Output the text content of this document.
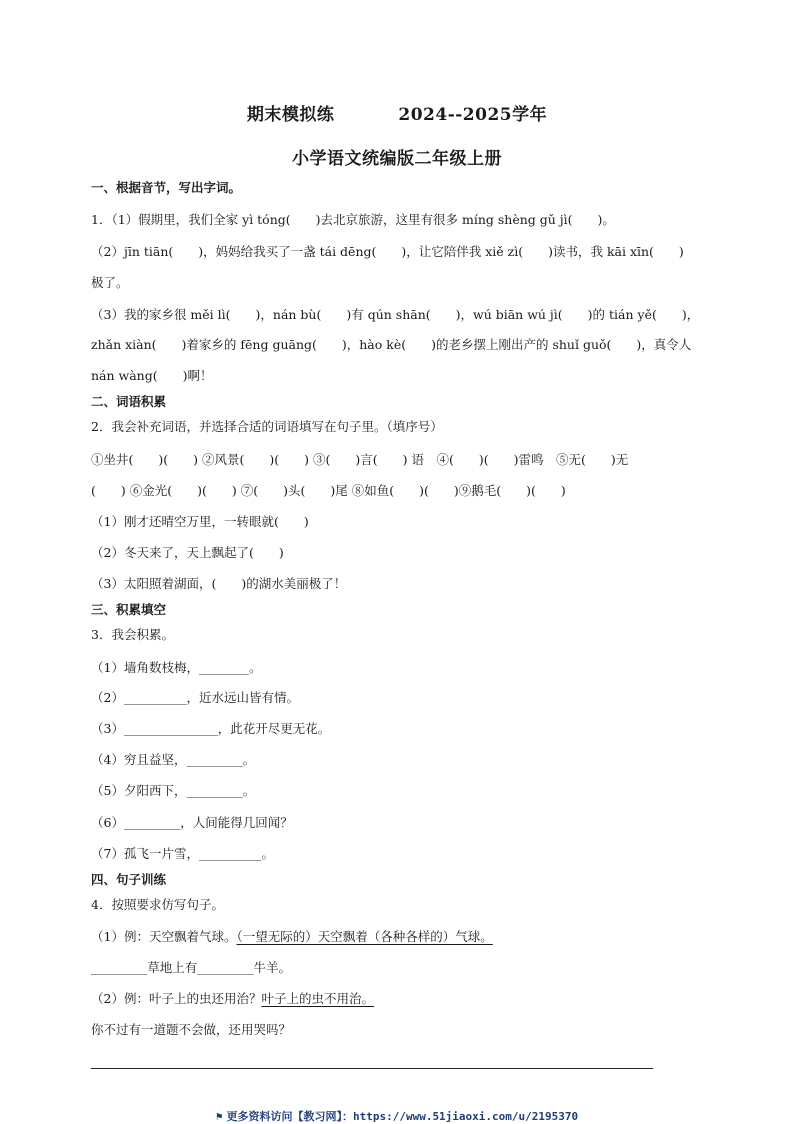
期末模拟练	2024--2025学年
小学语文统编版二年级上册
一、根据音节，写出字词。
1．（1）假期里，我们全家 yì tóng(　　)去北京旅游，这里有很多 míng shèng gǔ jì(　　)。
（2）jīn tiān(　　)，妈妈给我买了一盏 tái dēng(　　)，让它陪伴我 xiě zì(　　)读书，我 kāi xīn(　　)
极了。
（3）我的家乡很 měi lì(　　)，nán bù(　　)有 qún shān(　　)，wú biān wú jì(　　)的 tián yě(　　)，
zhǎn xiàn(　　)着家乡的 fēng guāng(　　)，hào kè(　　)的老乡摆上刚出产的 shuǐ guǒ(　　)，真令人
nán wàng(　　)啊！
二、词语积累
2．我会补充词语，并选择合适的词语填写在句子里。（填序号）
①坐井(　　)(　　) ②风景(　　)(　　) ③(　　)言(　　) 语　④(　　)(　　)雷鸣　⑤无(　　)无
(　　) ⑥金光(　　)(　　) ⑦(　　)头(　　)尾 ⑧如鱼(　　)(　　)⑨鹅毛(　　)(　　)
（1）刚才还晴空万里，一转眼就(　　)
（2）冬天来了，天上飘起了(　　)
（3）太阳照着湖面，(　　)的湖水美丽极了！
三、积累填空
3．我会积累。
（1）墙角数枝梅，________。
（2）__________，近水远山皆有情。
（3）_______________，此花开尽更无花。
（4）穷且益坚，_________。
（5）夕阳西下，_________。
（6）_________，人间能得几回闻？
（7）孤飞一片雪，__________。
四、句子训练
4．按照要求仿写句子。
（1）例：天空飘着气球。（一望无际的）天空飘着（各种各样的）气球。
_________草地上有_________牛羊。
（2）例：叶子上的虫还用治？叶子上的虫不用治。
你不过有一道题不会做，还用哭吗？
⚑ 更多资料访问【教习网】：https://www.51jiaoxi.com/u/2195370
